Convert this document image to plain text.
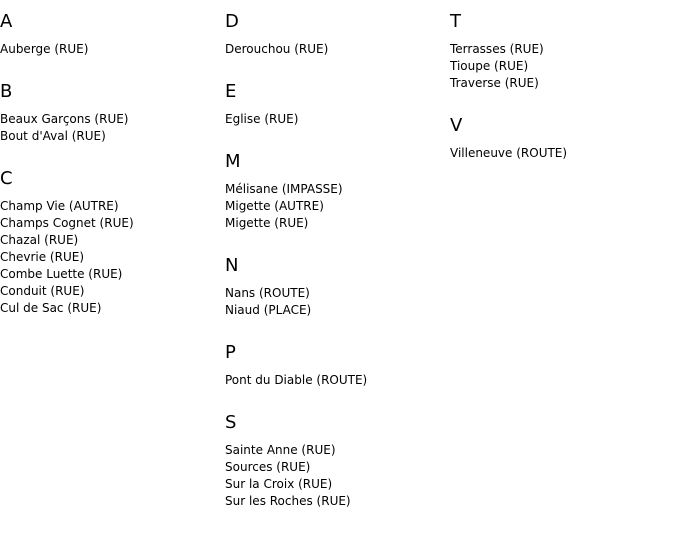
A
Auberge (RUE)
B
Beaux Garçons (RUE)
Bout d'Aval (RUE)
C
Champ Vie (AUTRE)
Champs Cognet (RUE)
Chazal (RUE)
Chevrie (RUE)
Combe Luette (RUE)
Conduit (RUE)
Cul de Sac (RUE)
D
Derouchou (RUE)
E
Eglise (RUE)
M
Mélisane (IMPASSE)
Migette (AUTRE)
Migette (RUE)
N
Nans (ROUTE)
Niaud (PLACE)
P
Pont du Diable (ROUTE)
S
Sainte Anne (RUE)
Sources (RUE)
Sur la Croix (RUE)
Sur les Roches (RUE)
T
Terrasses (RUE)
Tioupe (RUE)
Traverse (RUE)
V
Villeneuve (ROUTE)
